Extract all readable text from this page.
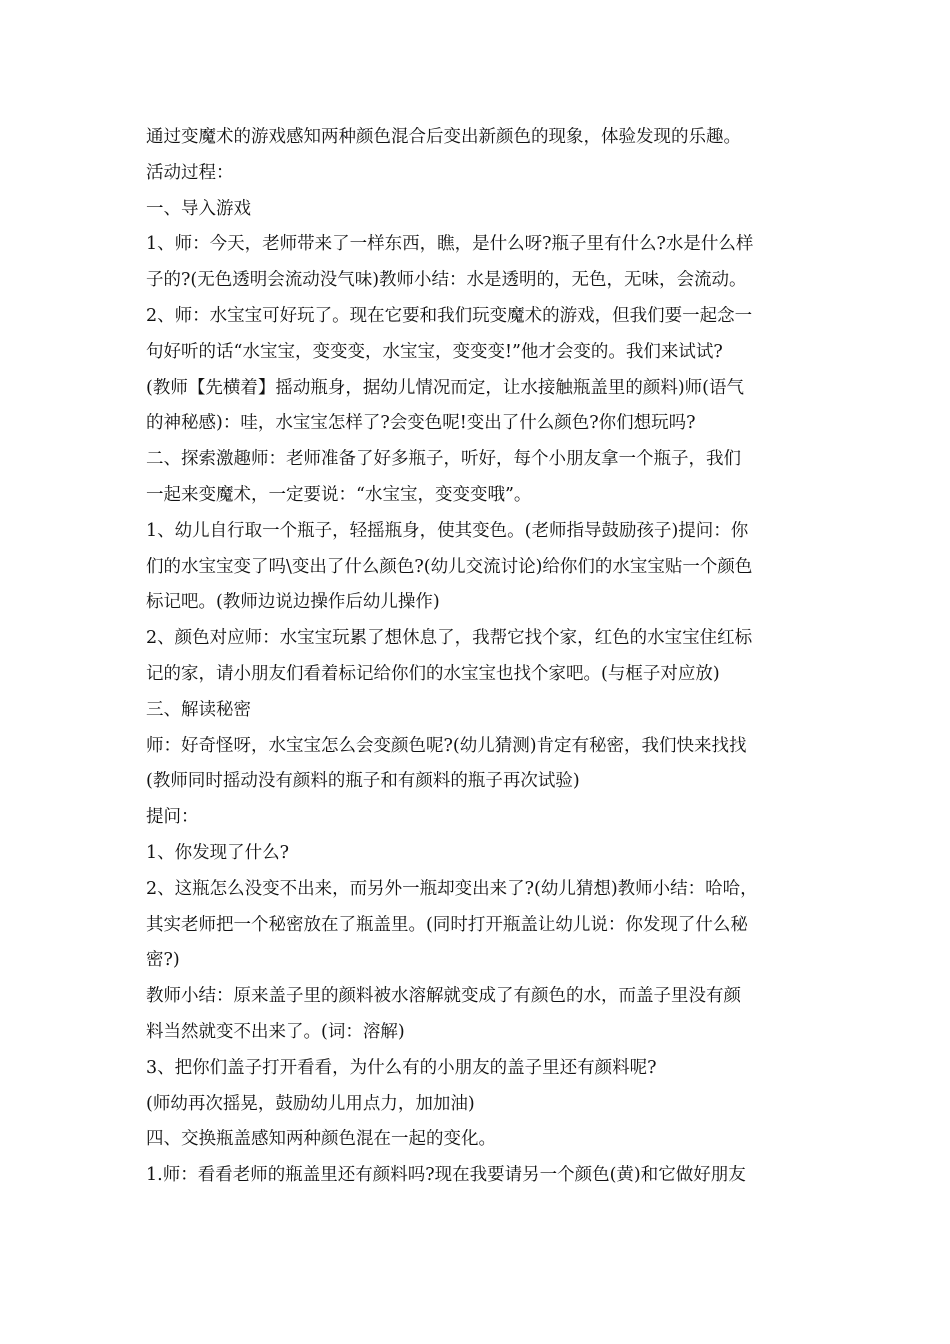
通过变魔术的游戏感知两种颜色混合后变出新颜色的现象，体验发现的乐趣。
活动过程：
一、导入游戏
1、师：今天，老师带来了一样东西，瞧，是什么呀?瓶子里有什么?水是什么样
子的?(无色透明会流动没气味)教师小结：水是透明的，无色，无味，会流动。
2、师：水宝宝可好玩了。现在它要和我们玩变魔术的游戏，但我们要一起念一
句好听的话“水宝宝，变变变，水宝宝，变变变!”他才会变的。我们来试试?
(教师【先横着】摇动瓶身，据幼儿情况而定，让水接触瓶盖里的颜料)师(语气
的神秘感)：哇，水宝宝怎样了?会变色呢!变出了什么颜色?你们想玩吗?
二、探索激趣师：老师准备了好多瓶子，听好，每个小朋友拿一个瓶子，我们
一起来变魔术，一定要说：“水宝宝，变变变哦”。
1、幼儿自行取一个瓶子，轻摇瓶身，使其变色。(老师指导鼓励孩子)提问：你
们的水宝宝变了吗\变出了什么颜色?(幼儿交流讨论)给你们的水宝宝贴一个颜色
标记吧。(教师边说边操作后幼儿操作)
2、颜色对应师：水宝宝玩累了想休息了，我帮它找个家，红色的水宝宝住红标
记的家，请小朋友们看着标记给你们的水宝宝也找个家吧。(与框子对应放)
三、解读秘密
师：好奇怪呀，水宝宝怎么会变颜色呢?(幼儿猜测)肯定有秘密，我们快来找找
(教师同时摇动没有颜料的瓶子和有颜料的瓶子再次试验)
提问：
1、你发现了什么?
2、这瓶怎么没变不出来，而另外一瓶却变出来了?(幼儿猜想)教师小结：哈哈，
其实老师把一个秘密放在了瓶盖里。(同时打开瓶盖让幼儿说：你发现了什么秘
密?)
教师小结：原来盖子里的颜料被水溶解就变成了有颜色的水，而盖子里没有颜
料当然就变不出来了。(词：溶解)
3、把你们盖子打开看看，为什么有的小朋友的盖子里还有颜料呢?
(师幼再次摇晃，鼓励幼儿用点力，加加油)
四、交换瓶盖感知两种颜色混在一起的变化。
1.师：看看老师的瓶盖里还有颜料吗?现在我要请另一个颜色(黄)和它做好朋友
